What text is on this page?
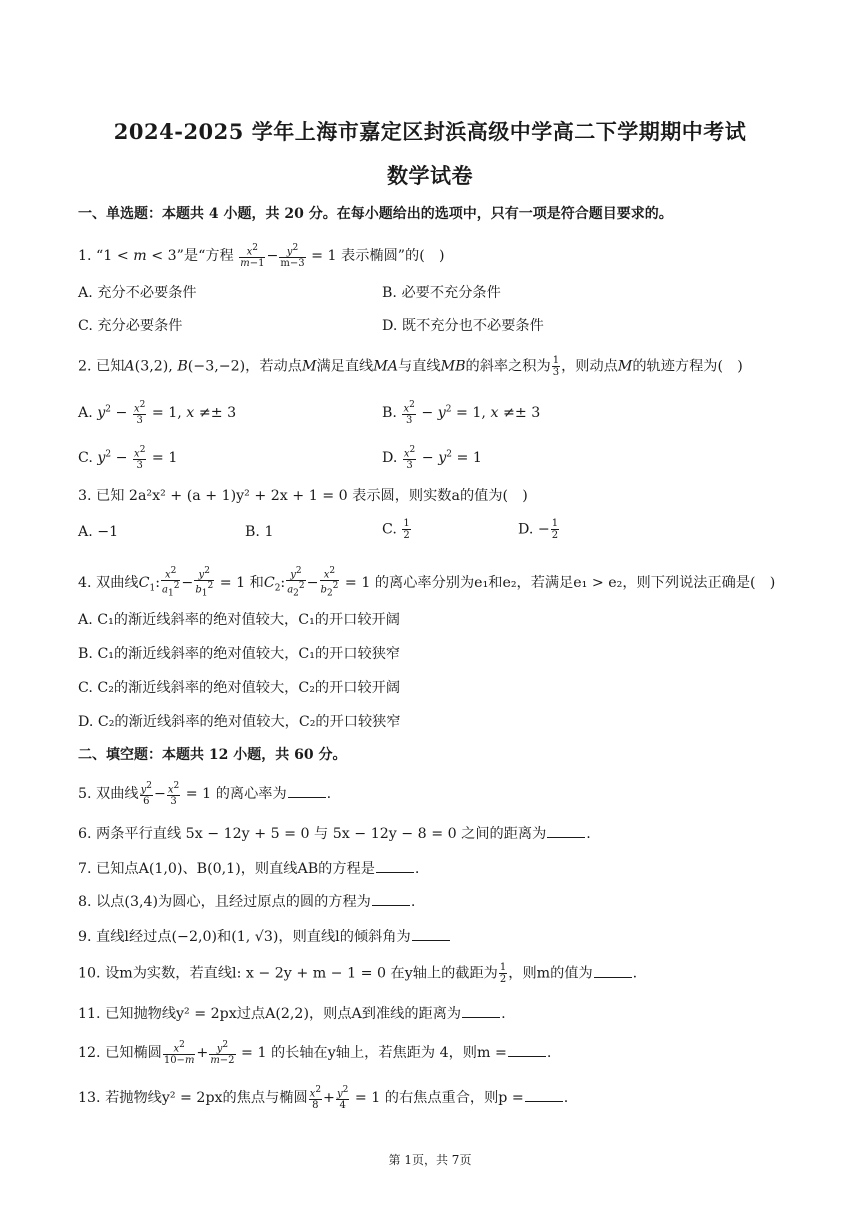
2024-2025 学年上海市嘉定区封浜高级中学高二下学期期中考试
数学试卷
一、单选题：本题共 4 小题，共 20 分。在每小题给出的选项中，只有一项是符合题目要求的。
1. “1 < m < 3”是“方程 $\frac{x^2}{m-1} - \frac{y^2}{m-3} = 1$ 表示椭圆”的(　)
A. 充分不必要条件	B. 必要不充分条件
C. 充分必要条件	D. 既不充分也不必要条件
2. 已知A(3,2), B(−3,−2)，若动点M满足直线MA与直线MB的斜率之积为 $\frac{1}{3}$ ，则动点M的轨迹方程为(　)
A. $y^2 - \frac{x^2}{3} = 1$, x ≠± 3	B. $\frac{x^2}{3} - y^2 = 1$, x ≠± 3
C. $y^2 - \frac{x^2}{3} = 1$	D. $\frac{x^2}{3} - y^2 = 1$
3. 已知 2a²x² + (a + 1)y² + 2x + 1 = 0 表示圆，则实数a的值为(　)
A. −1	B. 1	C. $\frac{1}{2}$	D. − $\frac{1}{2}$
4. 双曲线$C_1$: $\frac{x^2}{a_1^2} - \frac{y^2}{b_1^2} = 1$ 和$C_2$: $\frac{y^2}{a_2^2} - \frac{x^2}{b_2^2} = 1$ 的离心率分别为e₁和e₂，若满足e₁ > e₂，则下列说法正确是(　)
A. C₁的渐近线斜率的绝对值较大，C₁的开口较开阔
B. C₁的渐近线斜率的绝对值较大，C₁的开口较狭窄
C. C₂的渐近线斜率的绝对值较大，C₂的开口较开阔
D. C₂的渐近线斜率的绝对值较大，C₂的开口较狭窄
二、填空题：本题共 12 小题，共 60 分。
5. 双曲线 $\frac{y^2}{6} - \frac{x^2}{3} = 1$ 的离心率为	.
6. 两条平行直线 5x − 12y + 5 = 0 与 5x − 12y − 8 = 0 之间的距离为	.
7. 已知点A(1,0)、B(0,1)，则直线AB的方程是	.
8. 以点(3,4)为圆心，且经过原点的圆的方程为	.
9. 直线l经过点(−2,0)和(1, √3)，则直线l的倾斜角为
10. 设m为实数，若直线l: x − 2y + m − 1 = 0 在y轴上的截距为 $\frac{1}{2}$ ，则m的值为	.
11. 已知抛物线y² = 2px过点A(2,2)，则点A到准线的距离为	.
12. 已知椭圆 $\frac{x^2}{10-m} + \frac{y^2}{m-2} = 1$ 的长轴在y轴上，若焦距为 4，则m =	.
13. 若抛物线y² = 2px的焦点与椭圆 $\frac{x^2}{8} + \frac{y^2}{4} = 1$ 的右焦点重合，则p =	.
第 1页，共 7页
